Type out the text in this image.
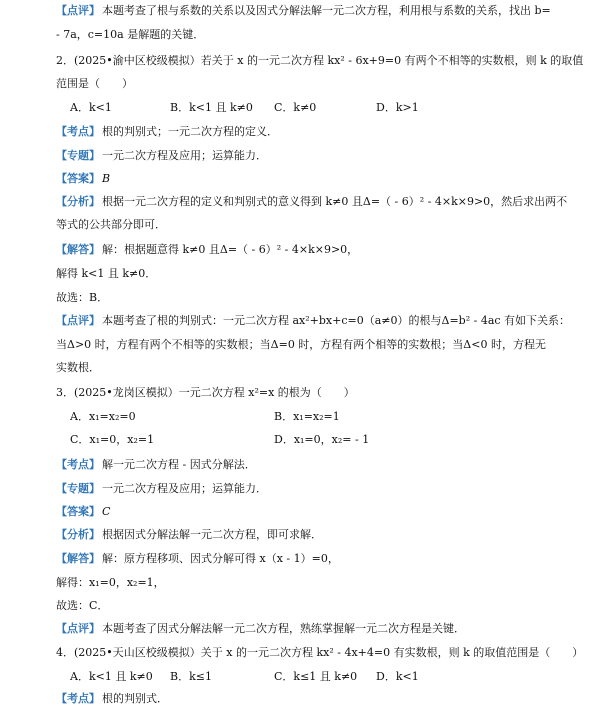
【点评】 本题考查了根与系数的关系以及因式分解法解一元二次方程，利用根与系数的关系，找出 b=
- 7a，c=10a 是解题的关键．
2．(2025•渝中区校级模拟）若关于 x 的一元二次方程 kx² - 6x+9=0 有两个不相等的实数根，则 k 的取值
范围是（　　）
A．k<1	B．k<1 且 k≠0 C．k≠0	D．k>1
【考点】 根的判别式；一元二次方程的定义．
【专题】 一元二次方程及应用；运算能力．
【答案】 B
【分析】 根据一元二次方程的定义和判别式的意义得到 k≠0 且Δ=（ - 6）² - 4×k×9>0，然后求出两不
等式的公共部分即可．
【解答】 解：根据题意得 k≠0 且Δ=（ - 6）² - 4×k×9>0，
解得 k<1 且 k≠0．
故选：B．
【点评】 本题考查了根的判别式：一元二次方程 ax²+bx+c=0（a≠0）的根与Δ=b² - 4ac 有如下关系：
当Δ>0 时，方程有两个不相等的实数根；当Δ=0 时，方程有两个相等的实数根；当Δ<0 时，方程无
实数根．
3．(2025•龙岗区模拟）一元二次方程 x²=x 的根为（　　）
A．x₁=x₂=0	B．x₁=x₂=1
C．x₁=0，x₂=1	D．x₁=0，x₂= - 1
【考点】 解一元二次方程 - 因式分解法．
【专题】 一元二次方程及应用；运算能力．
【答案】 C
【分析】 根据因式分解法解一元二次方程，即可求解．
【解答】 解：原方程移项、因式分解可得 x（x - 1）=0，
解得：x₁=0，x₂=1，
故选：C．
【点评】 本题考查了因式分解法解一元二次方程，熟练掌握解一元二次方程是关键．
4．(2025•天山区校级模拟）关于 x 的一元二次方程 kx² - 4x+4=0 有实数根，则 k 的取值范围是（　　）
A．k<1 且 k≠0 B．k≤1	C．k≤1 且 k≠0 D．k<1
【考点】 根的判别式．
